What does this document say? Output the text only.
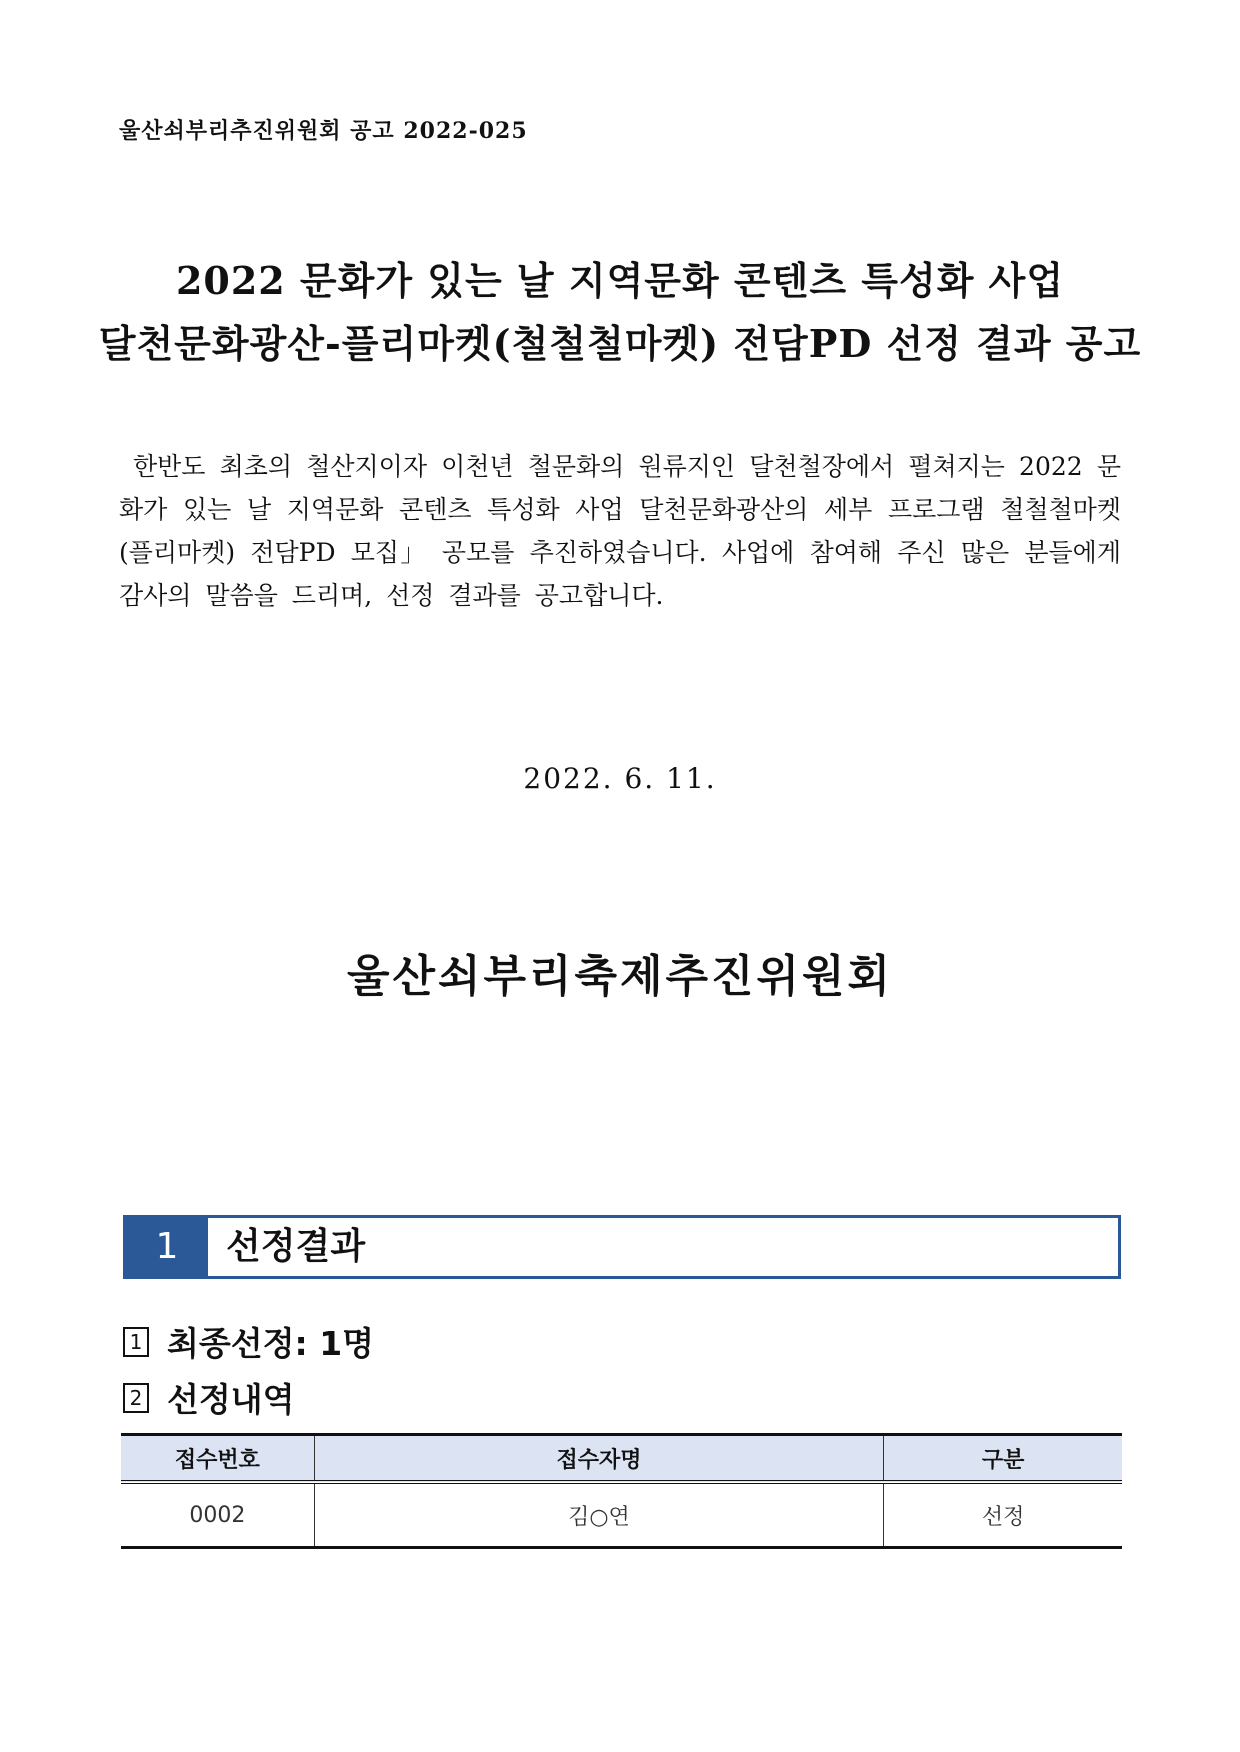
울산쇠부리추진위원회 공고 2022-025
2022 문화가 있는 날 지역문화 콘텐츠 특성화 사업
달천문화광산-플리마켓(철철철마켓) 전담PD 선정 결과 공고
한반도 최초의 철산지이자 이천년 철문화의 원류지인 달천철장에서 펼쳐지는 2022 문화가 있는 날 지역문화 콘텐츠 특성화 사업 달천문화광산의 세부 프로그램 철철철마켓(플리마켓) 전담PD 모집」 공모를 추진하였습니다. 사업에 참여해 주신 많은 분들에게 감사의 말씀을 드리며, 선정 결과를 공고합니다.
2022. 6. 11.
울산쇠부리축제추진위원회
1	선정결과
1 최종선정: 1명
2 선정내역
접수번호	접수자명	구분
0002	김○연	선정
